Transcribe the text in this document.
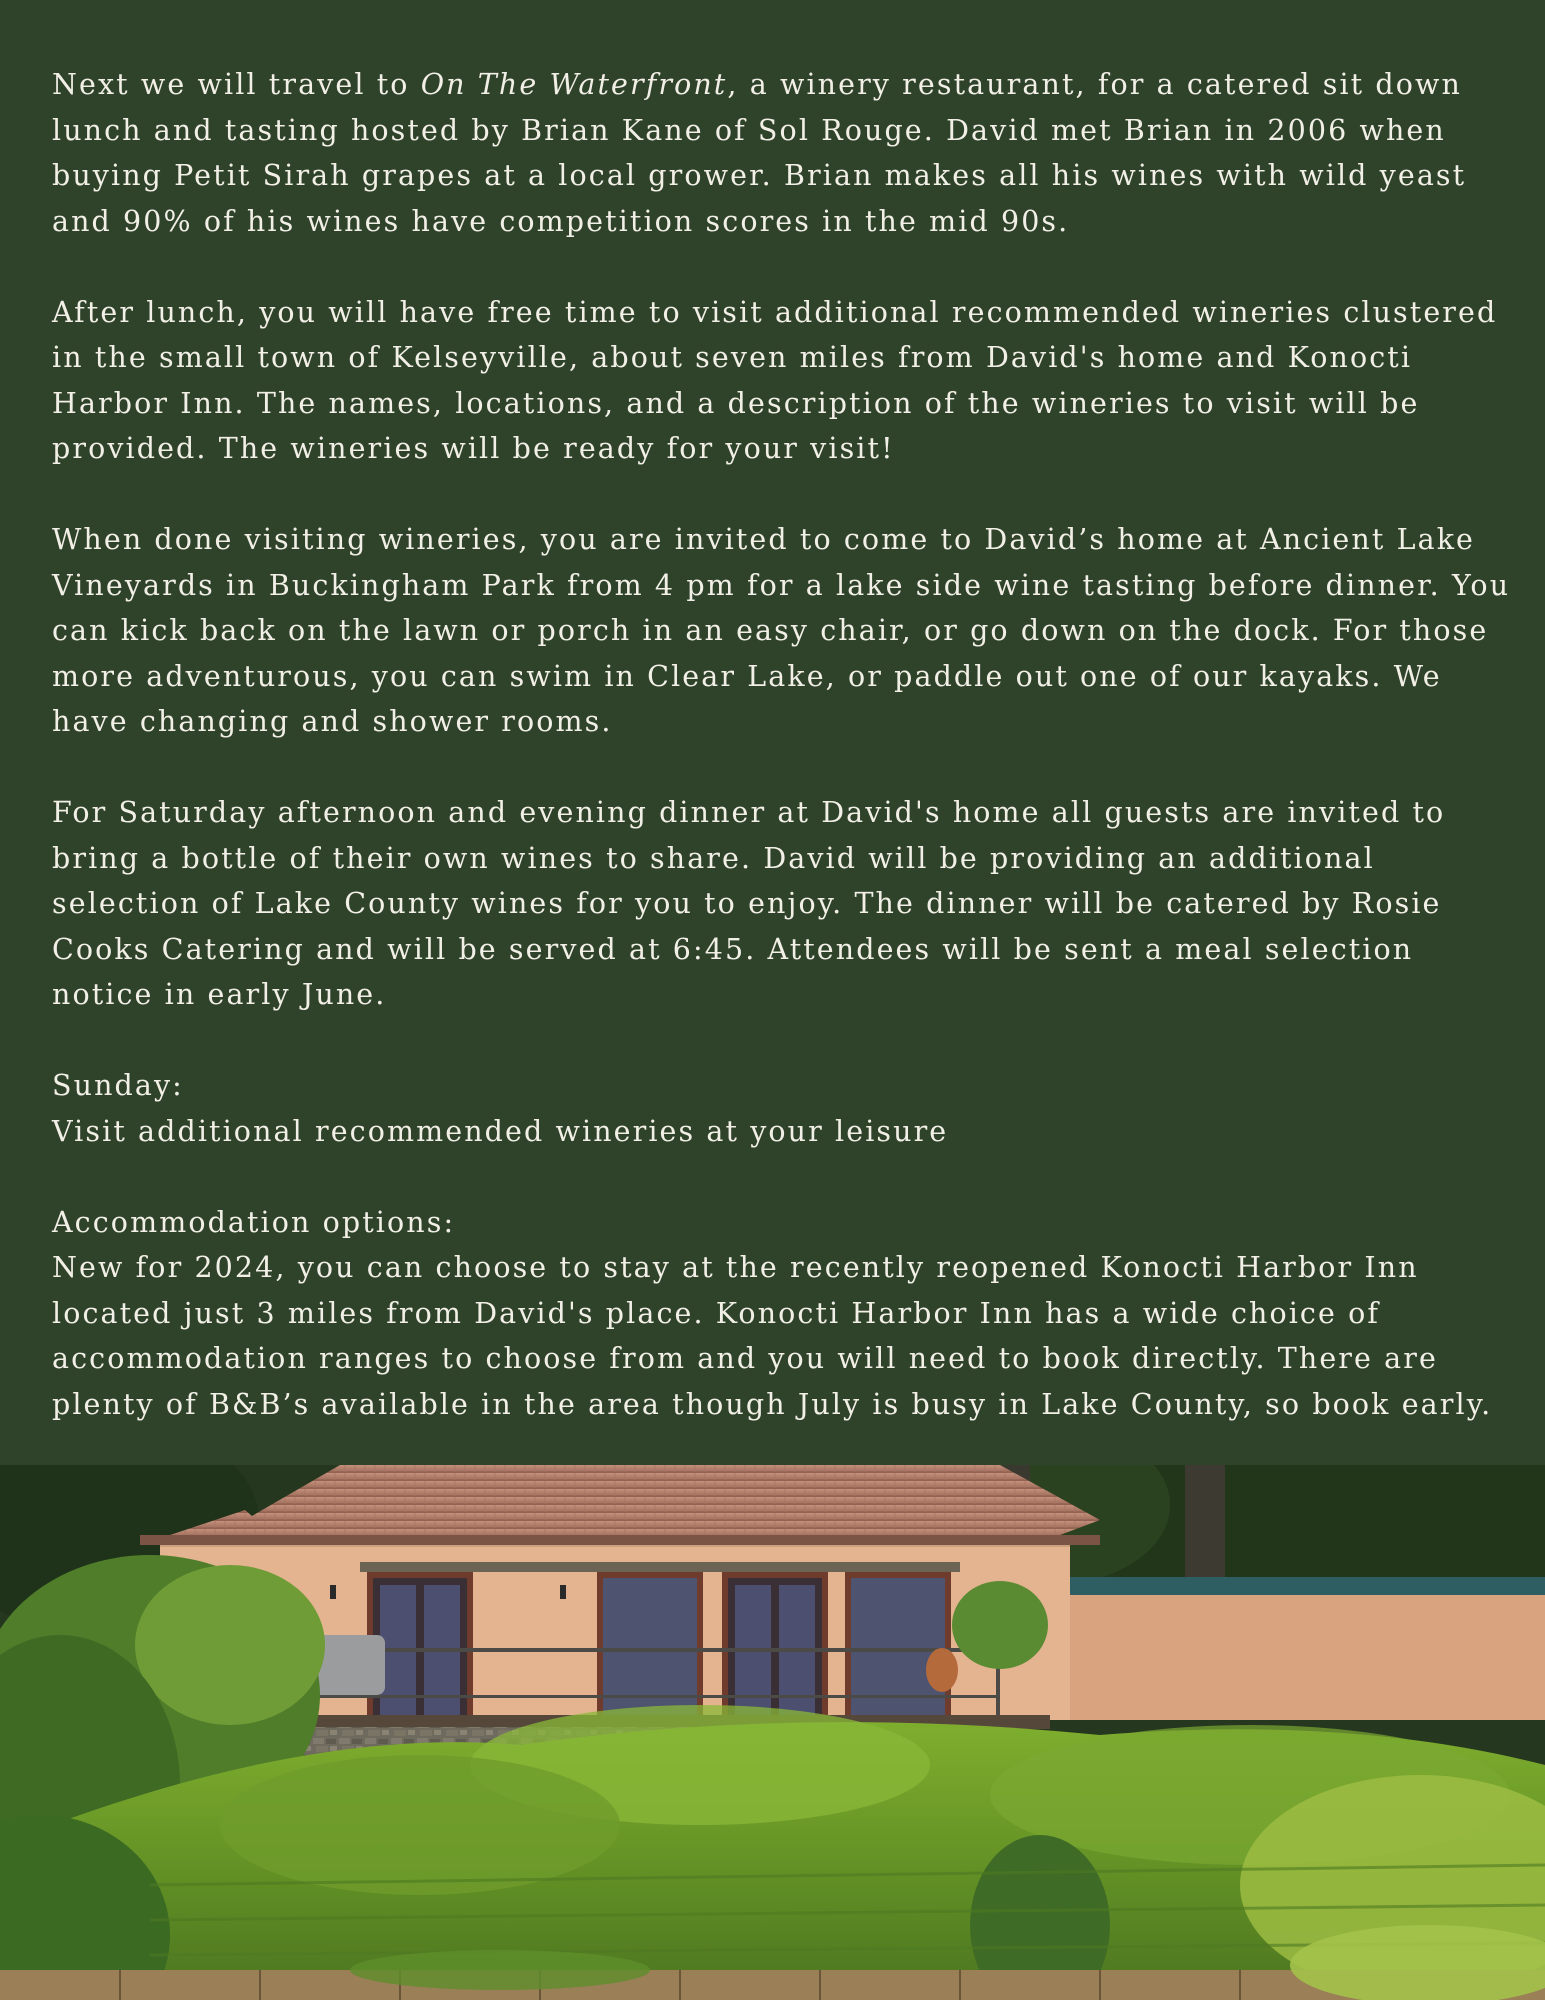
Next we will travel to On The Waterfront, a winery restaurant, for a catered sit down lunch and tasting hosted by Brian Kane of Sol Rouge. David met Brian in 2006 when buying Petit Sirah grapes at a local grower. Brian makes all his wines with wild yeast and 90% of his wines have competition scores in the mid 90s.

After lunch, you will have free time to visit additional recommended wineries clustered in the small town of Kelseyville, about seven miles from David's home and Konocti Harbor Inn. The names, locations, and a description of the wineries to visit will be provided. The wineries will be ready for your visit!

When done visiting wineries, you are invited to come to David’s home at Ancient Lake Vineyards in Buckingham Park from 4 pm for a lake side wine tasting before dinner. You can kick back on the lawn or porch in an easy chair, or go down on the dock. For those more adventurous, you can swim in Clear Lake, or paddle out one of our kayaks. We have changing and shower rooms.

For Saturday afternoon and evening dinner at David's home all guests are invited to bring a bottle of their own wines to share. David will be providing an additional selection of Lake County wines for you to enjoy. The dinner will be catered by Rosie Cooks Catering and will be served at 6:45. Attendees will be sent a meal selection notice in early June.

Sunday:

Visit additional recommended wineries at your leisure

Accommodation options:

New for 2024, you can choose to stay at the recently reopened Konocti Harbor Inn located just 3 miles from David's place. Konocti Harbor Inn has a wide choice of accommodation ranges to choose from and you will need to book directly. There are plenty of B&B’s available in the area though July is busy in Lake County, so book early.
